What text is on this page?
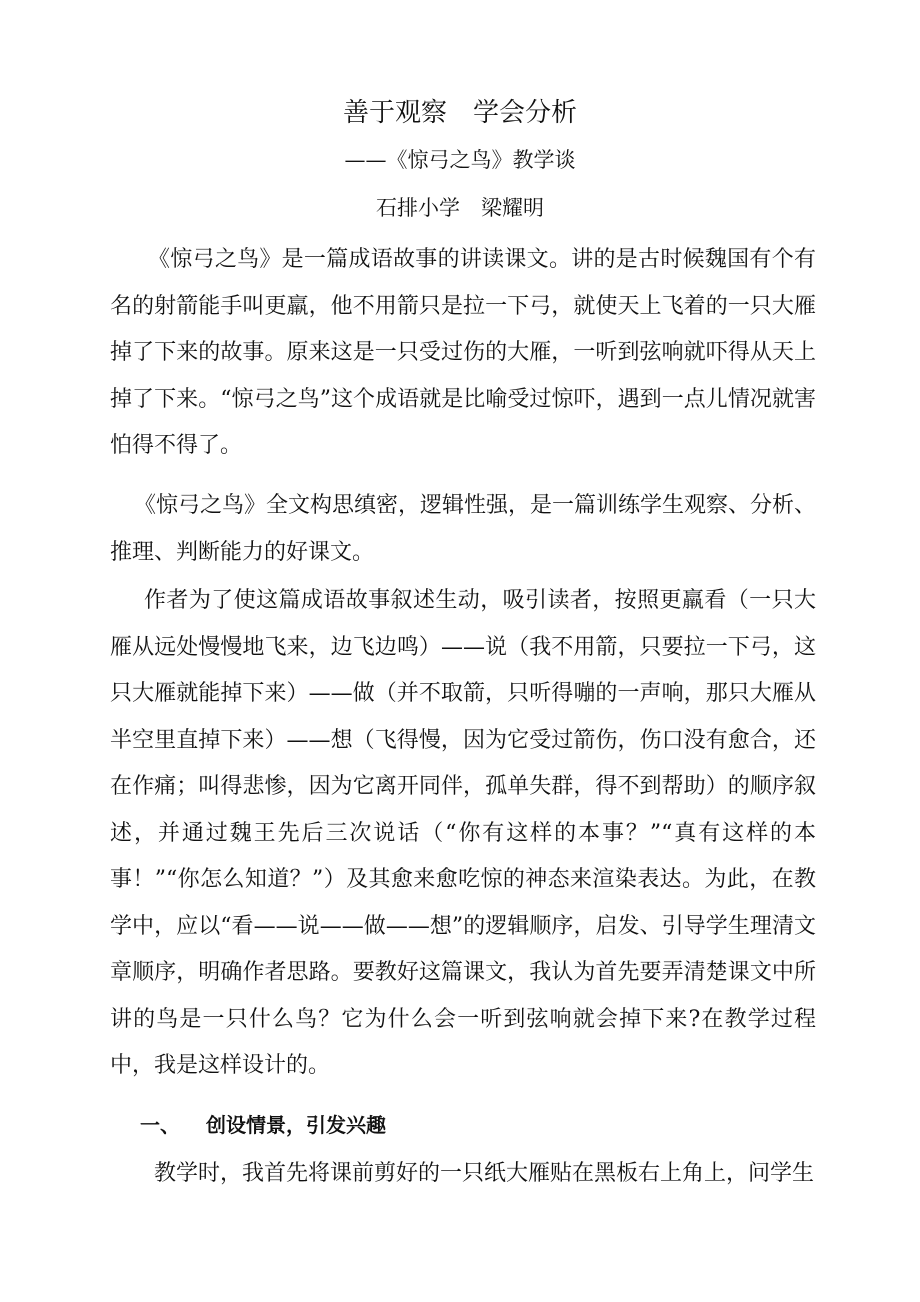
善于观察　学会分析
——《惊弓之鸟》教学谈
石排小学　梁耀明

《惊弓之鸟》是一篇成语故事的讲读课文。讲的是古时候魏国有个有名的射箭能手叫更羸，他不用箭只是拉一下弓，就使天上飞着的一只大雁掉了下来的故事。原来这是一只受过伤的大雁，一听到弦响就吓得从天上掉了下来。“惊弓之鸟”这个成语就是比喻受过惊吓，遇到一点儿情况就害怕得不得了。

《惊弓之鸟》全文构思缜密，逻辑性强，是一篇训练学生观察、分析、推理、判断能力的好课文。

作者为了使这篇成语故事叙述生动，吸引读者，按照更羸看（一只大雁从远处慢慢地飞来，边飞边鸣）——说（我不用箭，只要拉一下弓，这只大雁就能掉下来）——做（并不取箭，只听得嘣的一声响，那只大雁从半空里直掉下来）——想（飞得慢，因为它受过箭伤，伤口没有愈合，还在作痛；叫得悲惨，因为它离开同伴，孤单失群，得不到帮助）的顺序叙述，并通过魏王先后三次说话（“你有这样的本事？”“真有这样的本事！”“你怎么知道？”）及其愈来愈吃惊的神态来渲染表达。为此，在教学中，应以“看——说——做——想”的逻辑顺序，启发、引导学生理清文章顺序，明确作者思路。要教好这篇课文，我认为首先要弄清楚课文中所讲的鸟是一只什么鸟？它为什么会一听到弦响就会掉下来?在教学过程中，我是这样设计的。

一、 创设情景，引发兴趣

教学时，我首先将课前剪好的一只纸大雁贴在黑板右上角上，问学生
